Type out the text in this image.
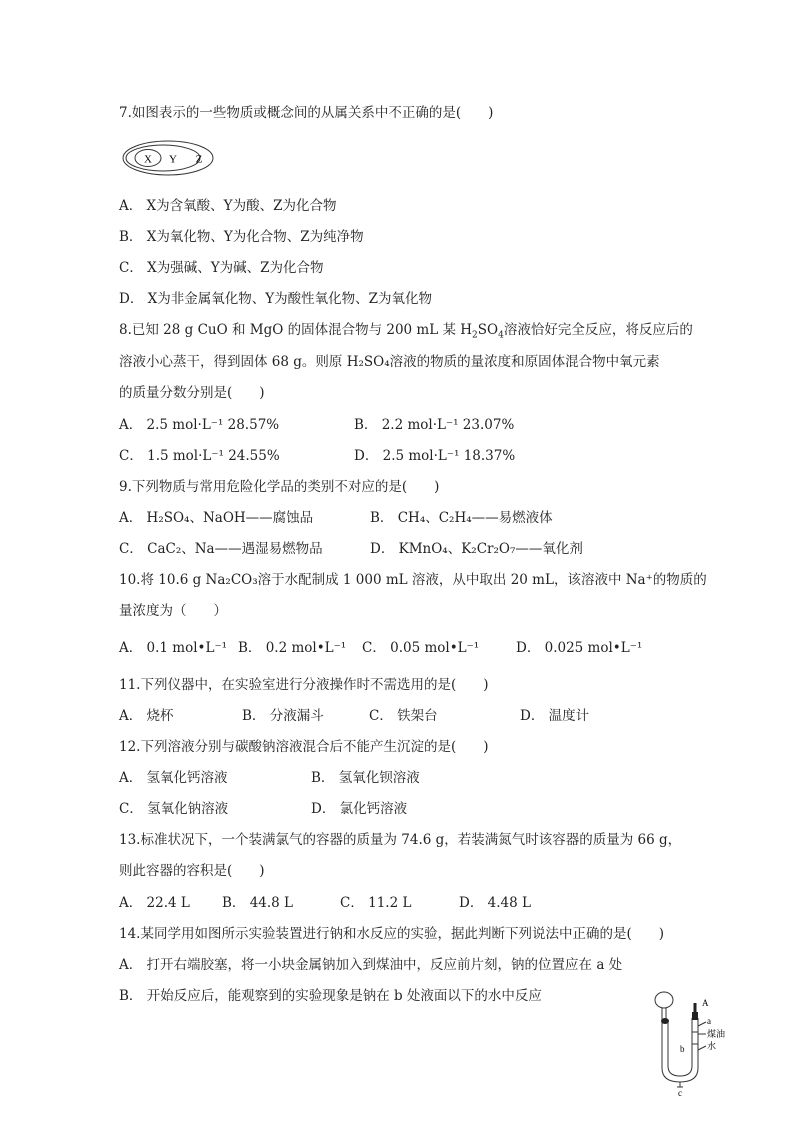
7.如图表示的一些物质或概念间的从属关系中不正确的是(　　)
X Y Z
A． X为含氧酸、Y为酸、Z为化合物
B． X为氧化物、Y为化合物、Z为纯净物
C． X为强碱、Y为碱、Z为化合物
D． X为非金属氧化物、Y为酸性氧化物、Z为氧化物
8.已知 28 g CuO 和 MgO 的固体混合物与 200 mL 某 $H_2SO_4$溶液恰好完全反应，将反应后的
溶液小心蒸干，得到固体 68 g。则原 H₂SO₄溶液的物质的量浓度和原固体混合物中氧元素
的质量分数分别是(　　)
A． 2.5 mol·L⁻¹ 28.57%	B． 2.2 mol·L⁻¹ 23.07%
C． 1.5 mol·L⁻¹ 24.55%	D． 2.5 mol·L⁻¹ 18.37%
9.下列物质与常用危险化学品的类别不对应的是(　　)
A． H₂SO₄、NaOH——腐蚀品	B． CH₄、C₂H₄——易燃液体
C． CaC₂、Na——遇湿易燃物品	D． KMnO₄、K₂Cr₂O₇——氧化剂
10.将 10.6 g Na₂CO₃溶于水配制成 1 000 mL 溶液，从中取出 20 mL，该溶液中 Na⁺的物质的
量浓度为（　　）
A． 0.1 mol•L⁻¹ B． 0.2 mol•L⁻¹ C． 0.05 mol•L⁻¹	D． 0.025 mol•L⁻¹
11.下列仪器中，在实验室进行分液操作时不需选用的是(　　)
A． 烧杯	B． 分液漏斗	C． 铁架台	D． 温度计
12.下列溶液分别与碳酸钠溶液混合后不能产生沉淀的是(　　)
A． 氢氧化钙溶液	B． 氢氧化钡溶液
C． 氢氧化钠溶液	D． 氯化钙溶液
13.标准状况下，一个装满氯气的容器的质量为 74.6 g，若装满氮气时该容器的质量为 66 g，
则此容器的容积是(　　)
A． 22.4 L B． 44.8 L	C． 11.2 L	D． 4.48 L
14.某同学用如图所示实验装置进行钠和水反应的实验，据此判断下列说法中正确的是(　　)
A． 打开右端胶塞，将一小块金属钠加入到煤油中，反应前片刻，钠的位置应在 a 处
B． 开始反应后，能观察到的实验现象是钠在 b 处液面以下的水中反应	A
a
煤油
水
b
c
